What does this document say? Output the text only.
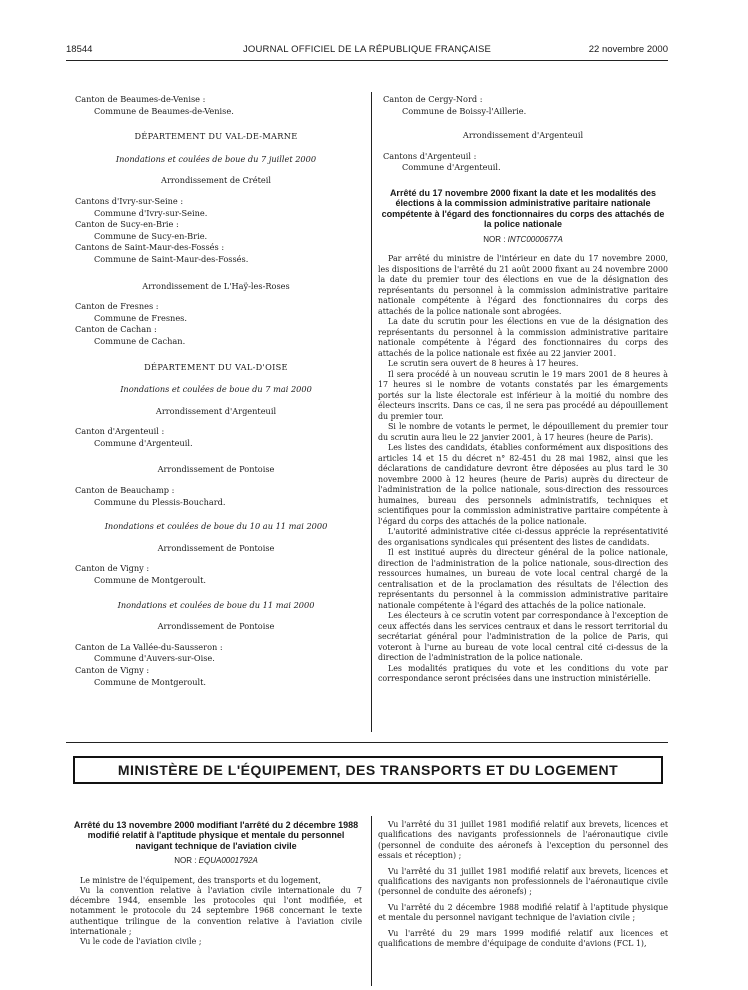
18544	JOURNAL OFFICIEL DE LA RÉPUBLIQUE FRANÇAISE	22 novembre 2000

Canton de Beaumes-de-Venise :

Commune de Beaumes-de-Venise.

DÉPARTEMENT DU VAL-DE-MARNE

Inondations et coulées de boue du 7 juillet 2000

Arrondissement de Créteil

Cantons d'Ivry-sur-Seine :

Commune d'Ivry-sur-Seine.

Canton de Sucy-en-Brie :

Commune de Sucy-en-Brie.

Cantons de Saint-Maur-des-Fossés :

Commune de Saint-Maur-des-Fossés.

Arrondissement de L'Haÿ-les-Roses

Canton de Fresnes :

Commune de Fresnes.

Canton de Cachan :

Commune de Cachan.

DÉPARTEMENT DU VAL-D'OISE

Inondations et coulées de boue du 7 mai 2000

Arrondissement d'Argenteuil

Canton d'Argenteuil :

Commune d'Argenteuil.

Arrondissement de Pontoise

Canton de Beauchamp :

Commune du Plessis-Bouchard.

Inondations et coulées de boue du 10 au 11 mai 2000

Arrondissement de Pontoise

Canton de Vigny :

Commune de Montgeroult.

Inondations et coulées de boue du 11 mai 2000

Arrondissement de Pontoise

Canton de La Vallée-du-Sausseron :

Commune d'Auvers-sur-Oise.

Canton de Vigny :

Commune de Montgeroult.

Canton de Cergy-Nord :

Commune de Boissy-l'Aillerie.

Arrondissement d'Argenteuil

Cantons d'Argenteuil :

Commune d'Argenteuil.

Arrêté du 17 novembre 2000 fixant la date et les modalités des élections à la commission administrative paritaire nationale compétente à l'égard des fonctionnaires du corps des attachés de la police nationale

NOR : INTC0000677A

Par arrêté du ministre de l'intérieur en date du 17 novembre 2000, les dispositions de l'arrêté du 21 août 2000 fixant au 24 novembre 2000 la date du premier tour des élections en vue de la désignation des représentants du personnel à la commission administrative paritaire nationale compétente à l'égard des fonctionnaires du corps des attachés de la police nationale sont abrogées.

La date du scrutin pour les élections en vue de la désignation des représentants du personnel à la commission administrative paritaire nationale compétente à l'égard des fonctionnaires du corps des attachés de la police nationale est fixée au 22 janvier 2001.

Le scrutin sera ouvert de 8 heures à 17 heures.

Il sera procédé à un nouveau scrutin le 19 mars 2001 de 8 heures à 17 heures si le nombre de votants constatés par les émargements portés sur la liste électorale est inférieur à la moitié du nombre des électeurs inscrits. Dans ce cas, il ne sera pas procédé au dépouillement du premier tour.

Si le nombre de votants le permet, le dépouillement du premier tour du scrutin aura lieu le 22 janvier 2001, à 17 heures (heure de Paris).

Les listes des candidats, établies conformément aux dispositions des articles 14 et 15 du décret n° 82-451 du 28 mai 1982, ainsi que les déclarations de candidature devront être déposées au plus tard le 30 novembre 2000 à 12 heures (heure de Paris) auprès du directeur de l'administration de la police nationale, sous-direction des ressources humaines, bureau des personnels administratifs, techniques et scientifiques pour la commission administrative paritaire compétente à l'égard du corps des attachés de la police nationale.

L'autorité administrative citée ci-dessus apprécie la représentativité des organisations syndicales qui présentent des listes de candidats.

Il est institué auprès du directeur général de la police nationale, direction de l'administration de la police nationale, sous-direction des ressources humaines, un bureau de vote local central chargé de la centralisation et de la proclamation des résultats de l'élection des représentants du personnel à la commission administrative paritaire nationale compétente à l'égard des attachés de la police nationale.

Les électeurs à ce scrutin votent par correspondance à l'exception de ceux affectés dans les services centraux et dans le ressort territorial du secrétariat général pour l'administration de la police de Paris, qui voteront à l'urne au bureau de vote local central cité ci-dessus de la direction de l'administration de la police nationale.

Les modalités pratiques du vote et les conditions du vote par correspondance seront précisées dans une instruction ministérielle.

MINISTÈRE DE L'ÉQUIPEMENT, DES TRANSPORTS ET DU LOGEMENT

Arrêté du 13 novembre 2000 modifiant l'arrêté du 2 décembre 1988 modifié relatif à l'aptitude physique et mentale du personnel navigant technique de l'aviation civile

NOR : EQUA0001792A

Le ministre de l'équipement, des transports et du logement,

Vu la convention relative à l'aviation civile internationale du 7 décembre 1944, ensemble les protocoles qui l'ont modifiée, et notamment le protocole du 24 septembre 1968 concernant le texte authentique trilingue de la convention relative à l'aviation civile internationale ;

Vu le code de l'aviation civile ;

Vu l'arrêté du 31 juillet 1981 modifié relatif aux brevets, licences et qualifications des navigants professionnels de l'aéronautique civile (personnel de conduite des aéronefs à l'exception du personnel des essais et réception) ;

Vu l'arrêté du 31 juillet 1981 modifié relatif aux brevets, licences et qualifications des navigants non professionnels de l'aéronautique civile (personnel de conduite des aéronefs) ;

Vu l'arrêté du 2 décembre 1988 modifié relatif à l'aptitude physique et mentale du personnel navigant technique de l'aviation civile ;

Vu l'arrêté du 29 mars 1999 modifié relatif aux licences et qualifications de membre d'équipage de conduite d'avions (FCL 1),
